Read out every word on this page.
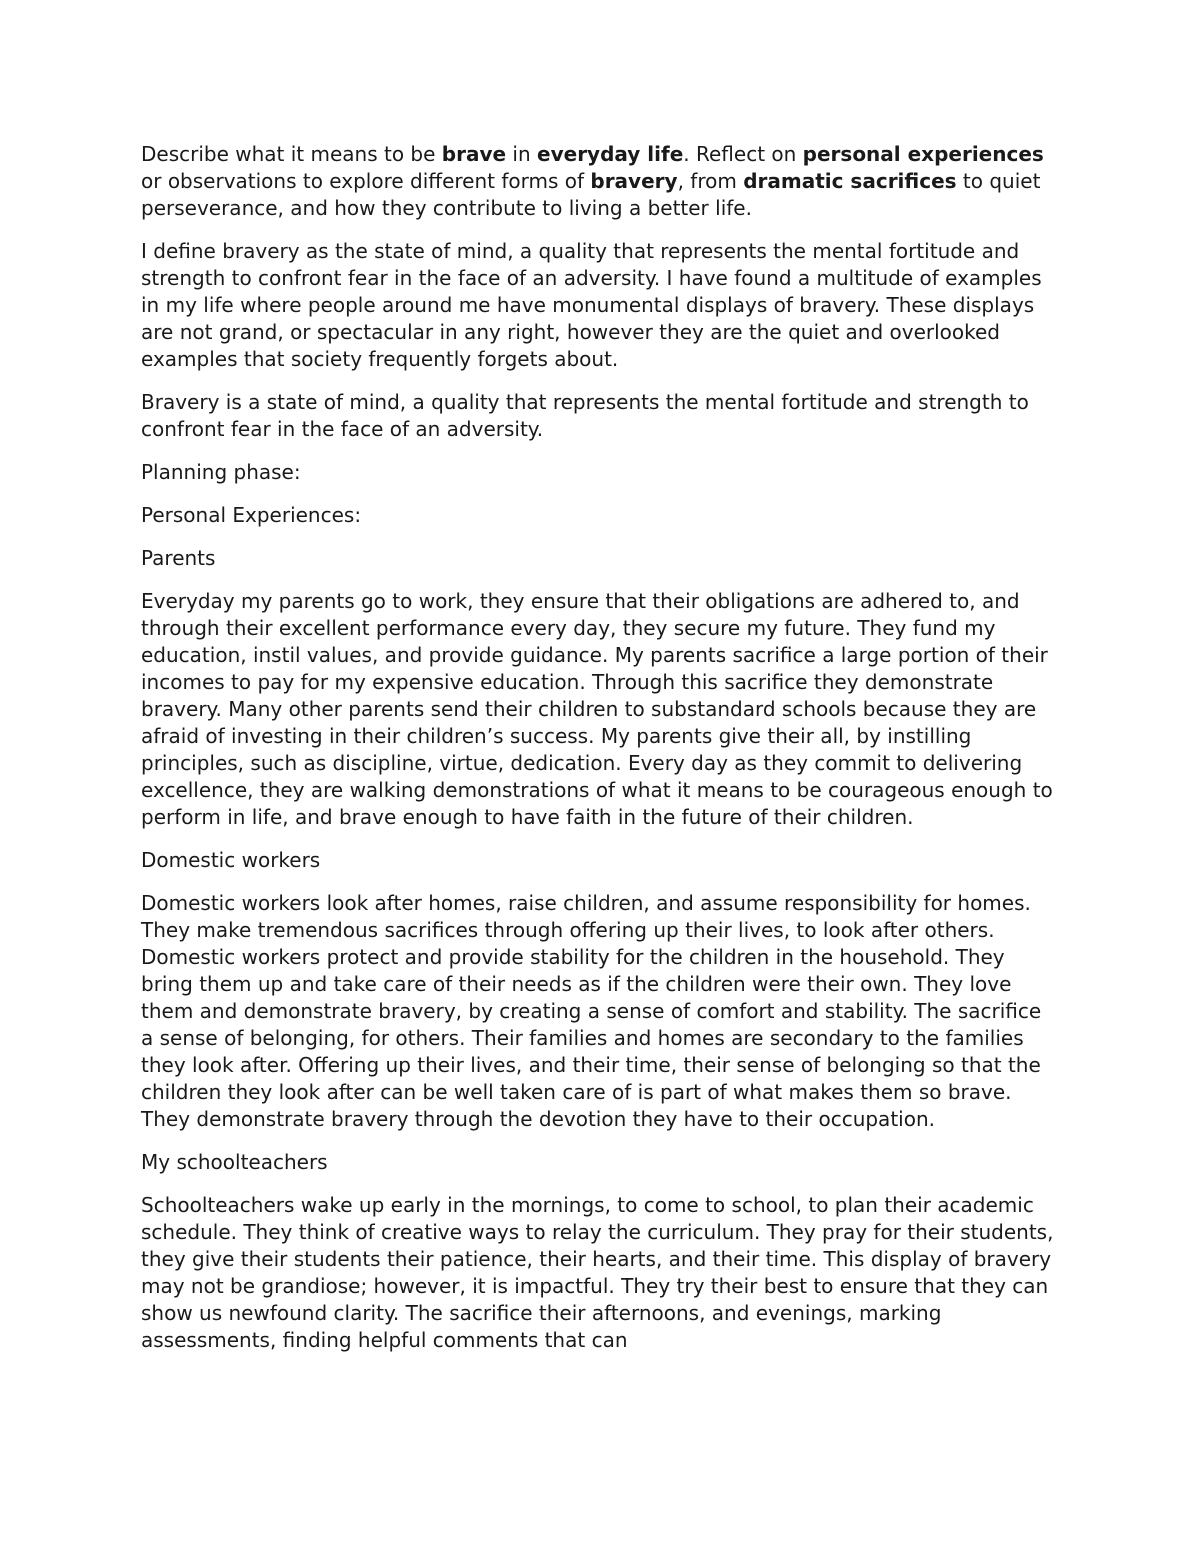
Describe what it means to be brave in everyday life. Reflect on personal experiences or observations to explore different forms of bravery, from dramatic sacrifices to quiet perseverance, and how they contribute to living a better life.

I define bravery as the state of mind, a quality that represents the mental fortitude and strength to confront fear in the face of an adversity. I have found a multitude of examples in my life where people around me have monumental displays of bravery. These displays are not grand, or spectacular in any right, however they are the quiet and overlooked examples that society frequently forgets about.

Bravery is a state of mind, a quality that represents the mental fortitude and strength to confront fear in the face of an adversity.

Planning phase:

Personal Experiences:

Parents

Everyday my parents go to work, they ensure that their obligations are adhered to, and through their excellent performance every day, they secure my future. They fund my education, instil values, and provide guidance. My parents sacrifice a large portion of their incomes to pay for my expensive education. Through this sacrifice they demonstrate bravery. Many other parents send their children to substandard schools because they are afraid of investing in their children’s success. My parents give their all, by instilling principles, such as discipline, virtue, dedication. Every day as they commit to delivering excellence, they are walking demonstrations of what it means to be courageous enough to perform in life, and brave enough to have faith in the future of their children.

Domestic workers

Domestic workers look after homes, raise children, and assume responsibility for homes. They make tremendous sacrifices through offering up their lives, to look after others. Domestic workers protect and provide stability for the children in the household. They bring them up and take care of their needs as if the children were their own. They love them and demonstrate bravery, by creating a sense of comfort and stability. The sacrifice a sense of belonging, for others. Their families and homes are secondary to the families they look after. Offering up their lives, and their time, their sense of belonging so that the children they look after can be well taken care of is part of what makes them so brave. They demonstrate bravery through the devotion they have to their occupation.

My schoolteachers

Schoolteachers wake up early in the mornings, to come to school, to plan their academic schedule. They think of creative ways to relay the curriculum. They pray for their students, they give their students their patience, their hearts, and their time. This display of bravery may not be grandiose; however, it is impactful. They try their best to ensure that they can show us newfound clarity. The sacrifice their afternoons, and evenings, marking assessments, finding helpful comments that can
